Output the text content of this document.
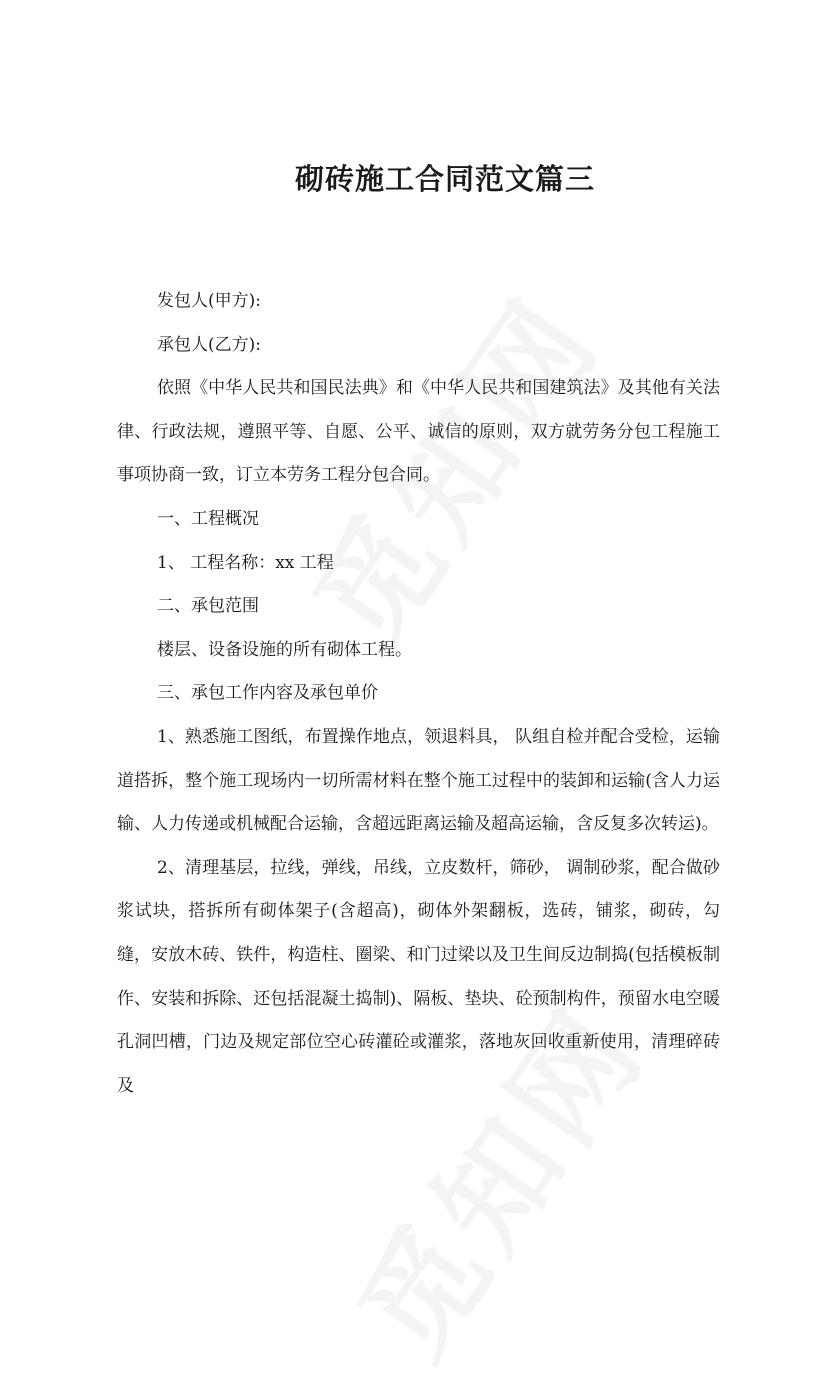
砌砖施工合同范文篇三

发包人(甲方):

承包人(乙方):

依照《中华人民共和国民法典》和《中华人民共和国建筑法》及其他有关法律、行政法规，遵照平等、自愿、公平、诚信的原则，双方就劳务分包工程施工事项协商一致，订立本劳务工程分包合同。

一、工程概况

1、 工程名称：xx 工程

二、承包范围

楼层、设备设施的所有砌体工程。

三、承包工作内容及承包单价

1、熟悉施工图纸，布置操作地点，领退料具， 队组自检并配合受检，运输道搭拆，整个施工现场内一切所需材料在整个施工过程中的装卸和运输(含人力运输、人力传递或机械配合运输，含超远距离运输及超高运输，含反复多次转运)。

2、清理基层，拉线，弹线，吊线，立皮数杆，筛砂， 调制砂浆，配合做砂浆试块，搭拆所有砌体架子(含超高)，砌体外架翻板，选砖，铺浆，砌砖，勾缝，安放木砖、铁件，构造柱、圈梁、和门过梁以及卫生间反边制捣(包括模板制作、安装和拆除、还包括混凝土捣制)、隔板、垫块、砼预制构件，预留水电空暖孔洞凹槽，门边及规定部位空心砖灌砼或灌浆，落地灰回收重新使用，清理碎砖及
